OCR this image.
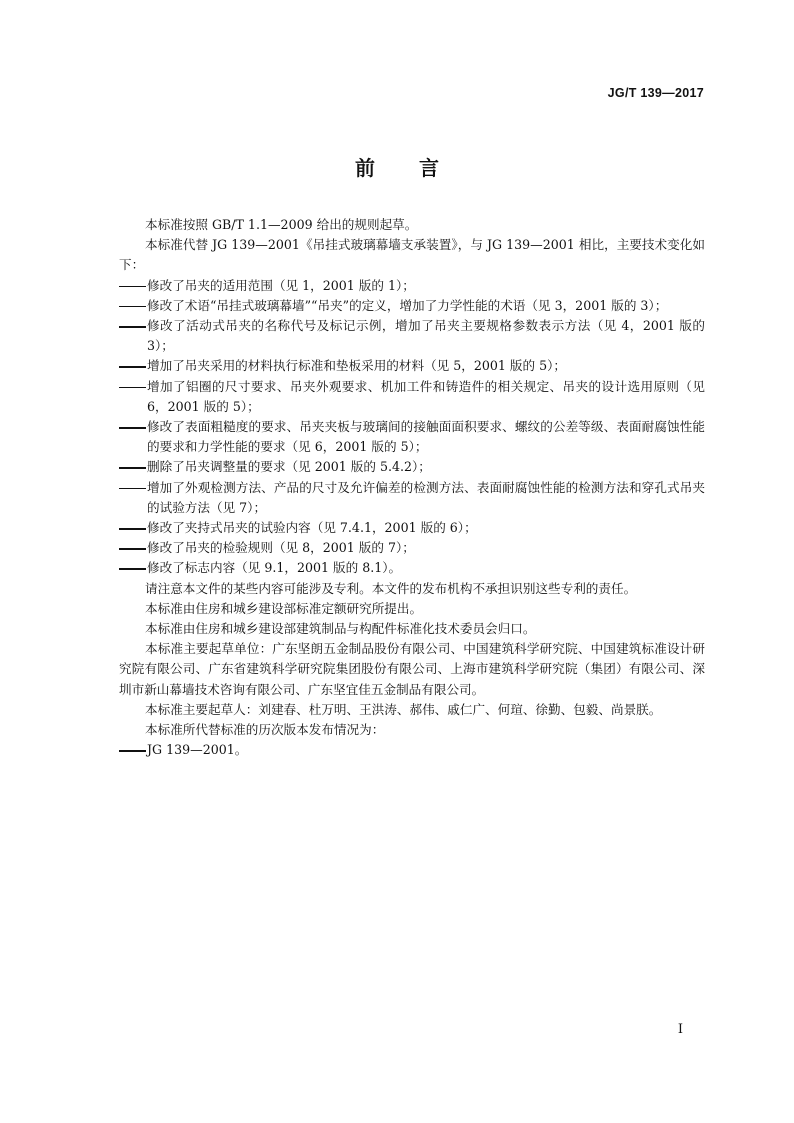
JG/T 139—2017
前言

本标准按照 GB/T 1.1—2009 给出的规则起草。

本标准代替 JG 139—2001《吊挂式玻璃幕墙支承装置》，与 JG 139—2001 相比，主要技术变化如下：

修改了吊夹的适用范围（见 1，2001 版的 1）；
修改了术语“吊挂式玻璃幕墙”“吊夹”的定义，增加了力学性能的术语（见 3，2001 版的 3）；
修改了活动式吊夹的名称代号及标记示例，增加了吊夹主要规格参数表示方法（见 4，2001 版的 3）；
增加了吊夹采用的材料执行标准和垫板采用的材料（见 5，2001 版的 5）；
增加了铝圈的尺寸要求、吊夹外观要求、机加工件和铸造件的相关规定、吊夹的设计选用原则（见 6，2001 版的 5）；
修改了表面粗糙度的要求、吊夹夹板与玻璃间的接触面面积要求、螺纹的公差等级、表面耐腐蚀性能的要求和力学性能的要求（见 6，2001 版的 5）；
删除了吊夹调整量的要求（见 2001 版的 5.4.2）；
增加了外观检测方法、产品的尺寸及允许偏差的检测方法、表面耐腐蚀性能的检测方法和穿孔式吊夹的试验方法（见 7）；
修改了夹持式吊夹的试验内容（见 7.4.1，2001 版的 6）；
修改了吊夹的检验规则（见 8，2001 版的 7）；
修改了标志内容（见 9.1，2001 版的 8.1）。

请注意本文件的某些内容可能涉及专利。本文件的发布机构不承担识别这些专利的责任。

本标准由住房和城乡建设部标准定额研究所提出。

本标准由住房和城乡建设部建筑制品与构配件标准化技术委员会归口。

本标准主要起草单位：广东坚朗五金制品股份有限公司、中国建筑科学研究院、中国建筑标准设计研究院有限公司、广东省建筑科学研究院集团股份有限公司、上海市建筑科学研究院（集团）有限公司、深圳市新山幕墙技术咨询有限公司、广东坚宜佳五金制品有限公司。

本标准主要起草人：刘建春、杜万明、王洪涛、郝伟、戚仁广、何瑄、徐勤、包毅、尚景朕。

本标准所代替标准的历次版本发布情况为：

JG 139—2001。
I
